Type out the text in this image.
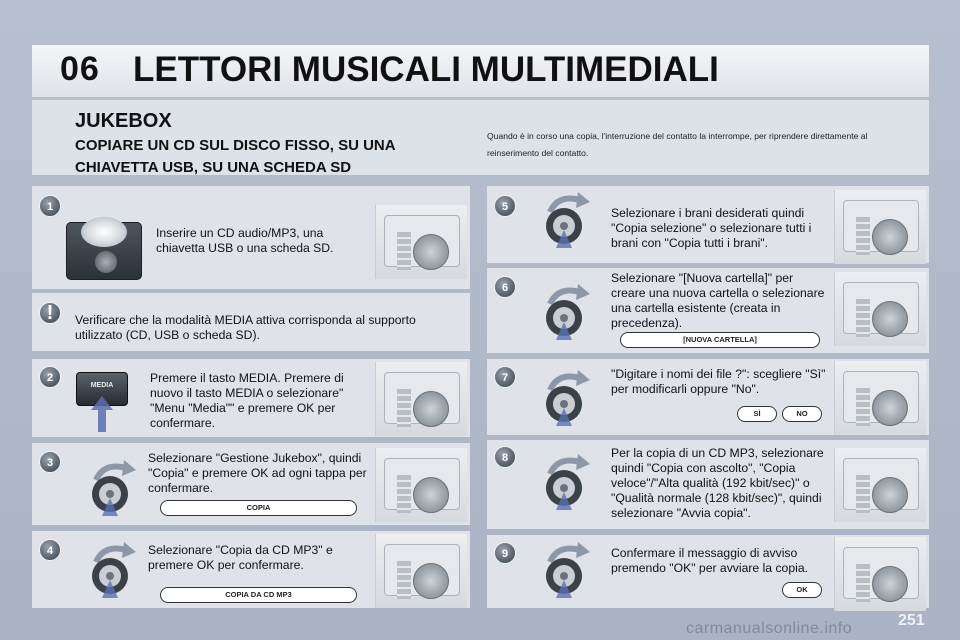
06 LETTORI MUSICALI MULTIMEDIALI
JUKEBOX
COPIARE UN CD SUL DISCO FISSO, SU UNA CHIAVETTA USB, SU UNA SCHEDA SD
Quando è in corso una copia, l'interruzione del contatto la interrompe, per riprendere direttamente al reinserimento del contatto.
1
Inserire un CD audio/MP3, una chiavetta USB o una scheda SD.
!	Verificare che la modalità MEDIA attiva corrisponda al supporto utilizzato (CD, USB o scheda SD).
2
MEDIA
Premere il tasto MEDIA. Premere di nuovo il tasto MEDIA o selezionare" "Menu "Media"" e premere OK per confermare.
3	Selezionare "Gestione Jukebox", quindi "Copia" e premere OK ad ogni tappa per confermare.
COPIA
4	Selezionare "Copia da CD MP3" e premere OK per confermare.
COPIA DA CD MP3
5	Selezionare i brani desiderati quindi "Copia selezione" o selezionare tutti i brani con "Copia tutti i brani".
6
Selezionare "[Nuova cartella]" per creare una nuova cartella o selezionare una cartella esistente (creata in precedenza).
[NUOVA CARTELLA]
7	"Digitare i nomi dei file ?": scegliere "Sì" per modificarli oppure "No".
SÌ	NO
8	Per la copia di un CD MP3, selezionare quindi "Copia con ascolto", "Copia veloce"/"Alta qualità (192 kbit/sec)" o "Qualità normale (128 kbit/sec)", quindi selezionare "Avvia copia".
9	Confermare il messaggio di avviso premendo "OK" per avviare la copia.
OK
251
carmanualsonline.info
